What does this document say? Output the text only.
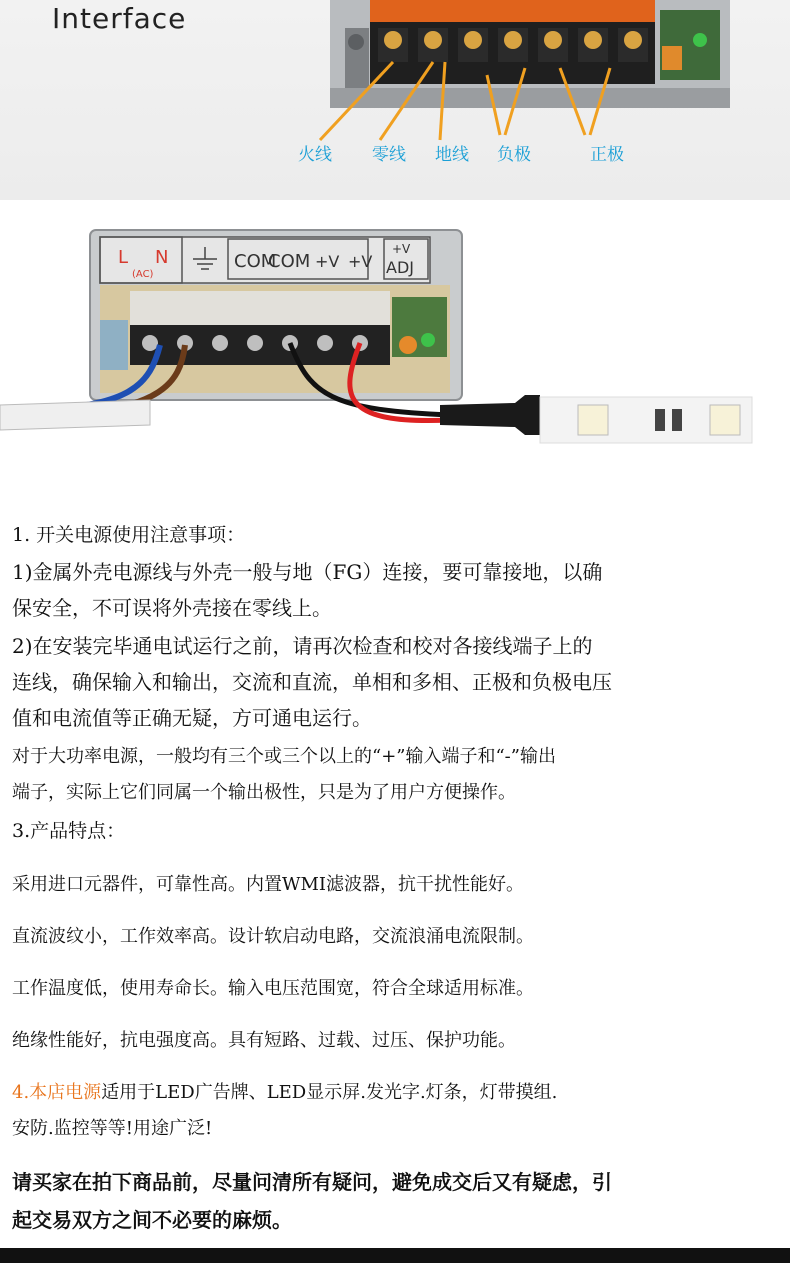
Interface
火线 零线 地线 负极	正极
L N
(AC)
COM
COM +V +V
+V
ADJ
1. 开关电源使用注意事项：
1)金属外壳电源线与外壳一般与地（FG）连接，要可靠接地，以确
保安全，不可误将外壳接在零线上。
2)在安装完毕通电试运行之前，请再次检查和校对各接线端子上的
连线，确保输入和输出，交流和直流，单相和多相、正极和负极电压
值和电流值等正确无疑，方可通电运行。
对于大功率电源，一般均有三个或三个以上的“+”输入端子和“-”输出
端子，实际上它们同属一个输出极性，只是为了用户方便操作。
3.产品特点：
采用进口元器件，可靠性高。内置WMI滤波器，抗干扰性能好。
直流波纹小，工作效率高。设计软启动电路，交流浪涌电流限制。
工作温度低，使用寿命长。输入电压范围宽，符合全球适用标准。
绝缘性能好，抗电强度高。具有短路、过载、过压、保护功能。
4.本店电源适用于LED广告牌、LED显示屏.发光字.灯条，灯带摸组.
安防.监控等等!用途广泛!
请买家在拍下商品前，尽量问清所有疑问，避免成交后又有疑虑，引
起交易双方之间不必要的麻烦。
